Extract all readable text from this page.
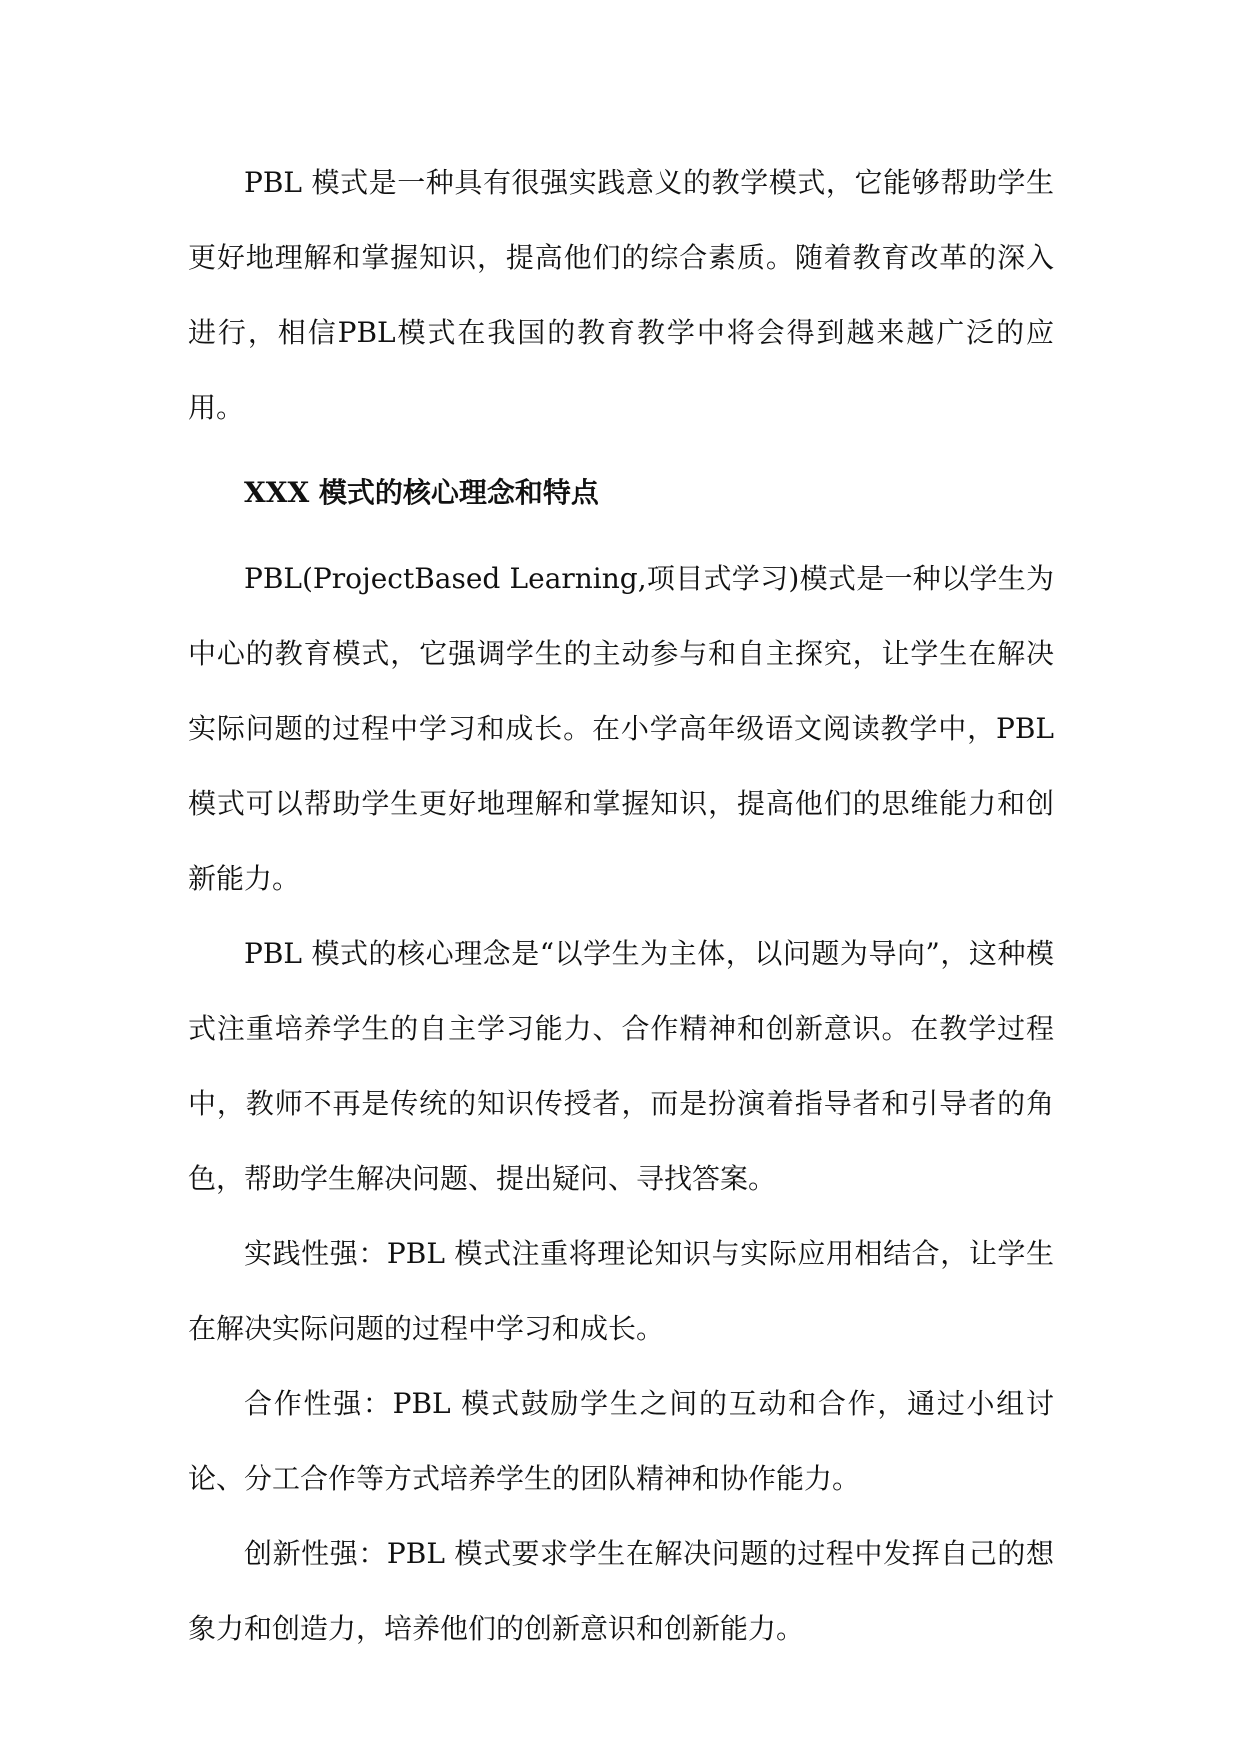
PBL 模式是一种具有很强实践意义的教学模式，它能够帮助学生更好地理解和掌握知识，提高他们的综合素质。随着教育改革的深入进行，相信PBL模式在我国的教育教学中将会得到越来越广泛的应用。

XXX 模式的核心理念和特点

PBL(ProjectBased Learning,项目式学习)模式是一种以学生为中心的教育模式，它强调学生的主动参与和自主探究，让学生在解决实际问题的过程中学习和成长。在小学高年级语文阅读教学中，PBL模式可以帮助学生更好地理解和掌握知识，提高他们的思维能力和创新能力。

PBL 模式的核心理念是“以学生为主体，以问题为导向”，这种模式注重培养学生的自主学习能力、合作精神和创新意识。在教学过程中，教师不再是传统的知识传授者，而是扮演着指导者和引导者的角色，帮助学生解决问题、提出疑问、寻找答案。

实践性强：PBL 模式注重将理论知识与实际应用相结合，让学生在解决实际问题的过程中学习和成长。

合作性强：PBL 模式鼓励学生之间的互动和合作，通过小组讨论、分工合作等方式培养学生的团队精神和协作能力。

创新性强：PBL 模式要求学生在解决问题的过程中发挥自己的想象力和创造力，培养他们的创新意识和创新能力。
